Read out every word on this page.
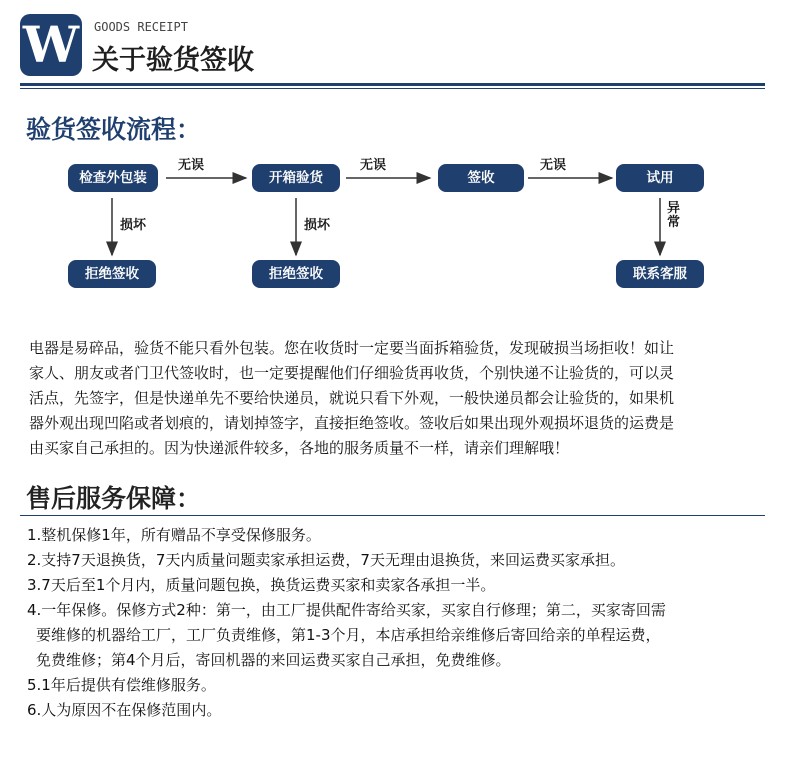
W GOODS RECEIPT
关于验货签收
验货签收流程：
检查外包装	开箱验货	签收	试用
无误	无误	无误
损坏	损坏
异常
拒绝签收	拒绝签收	联系客服
电器是易碎品，验货不能只看外包装。您在收货时一定要当面拆箱验货，发现破损当场拒收！如让
家人、朋友或者门卫代签收时，也一定要提醒他们仔细验货再收货，个别快递不让验货的，可以灵
活点，先签字，但是快递单先不要给快递员，就说只看下外观，一般快递员都会让验货的，如果机
器外观出现凹陷或者划痕的，请划掉签字，直接拒绝签收。签收后如果出现外观损坏退货的运费是
由买家自己承担的。因为快递派件较多，各地的服务质量不一样，请亲们理解哦！
售后服务保障：
1.整机保修1年，所有赠品不享受保修服务。
2.支持7天退换货，7天内质量问题卖家承担运费，7天无理由退换货，来回运费买家承担。
3.7天后至1个月内，质量问题包换，换货运费买家和卖家各承担一半。
4.一年保修。保修方式2种：第一，由工厂提供配件寄给买家，买家自行修理；第二，买家寄回需
要维修的机器给工厂，工厂负责维修，第1-3个月，本店承担给亲维修后寄回给亲的单程运费，
免费维修；第4个月后，寄回机器的来回运费买家自己承担，免费维修。
5.1年后提供有偿维修服务。
6.人为原因不在保修范围内。
